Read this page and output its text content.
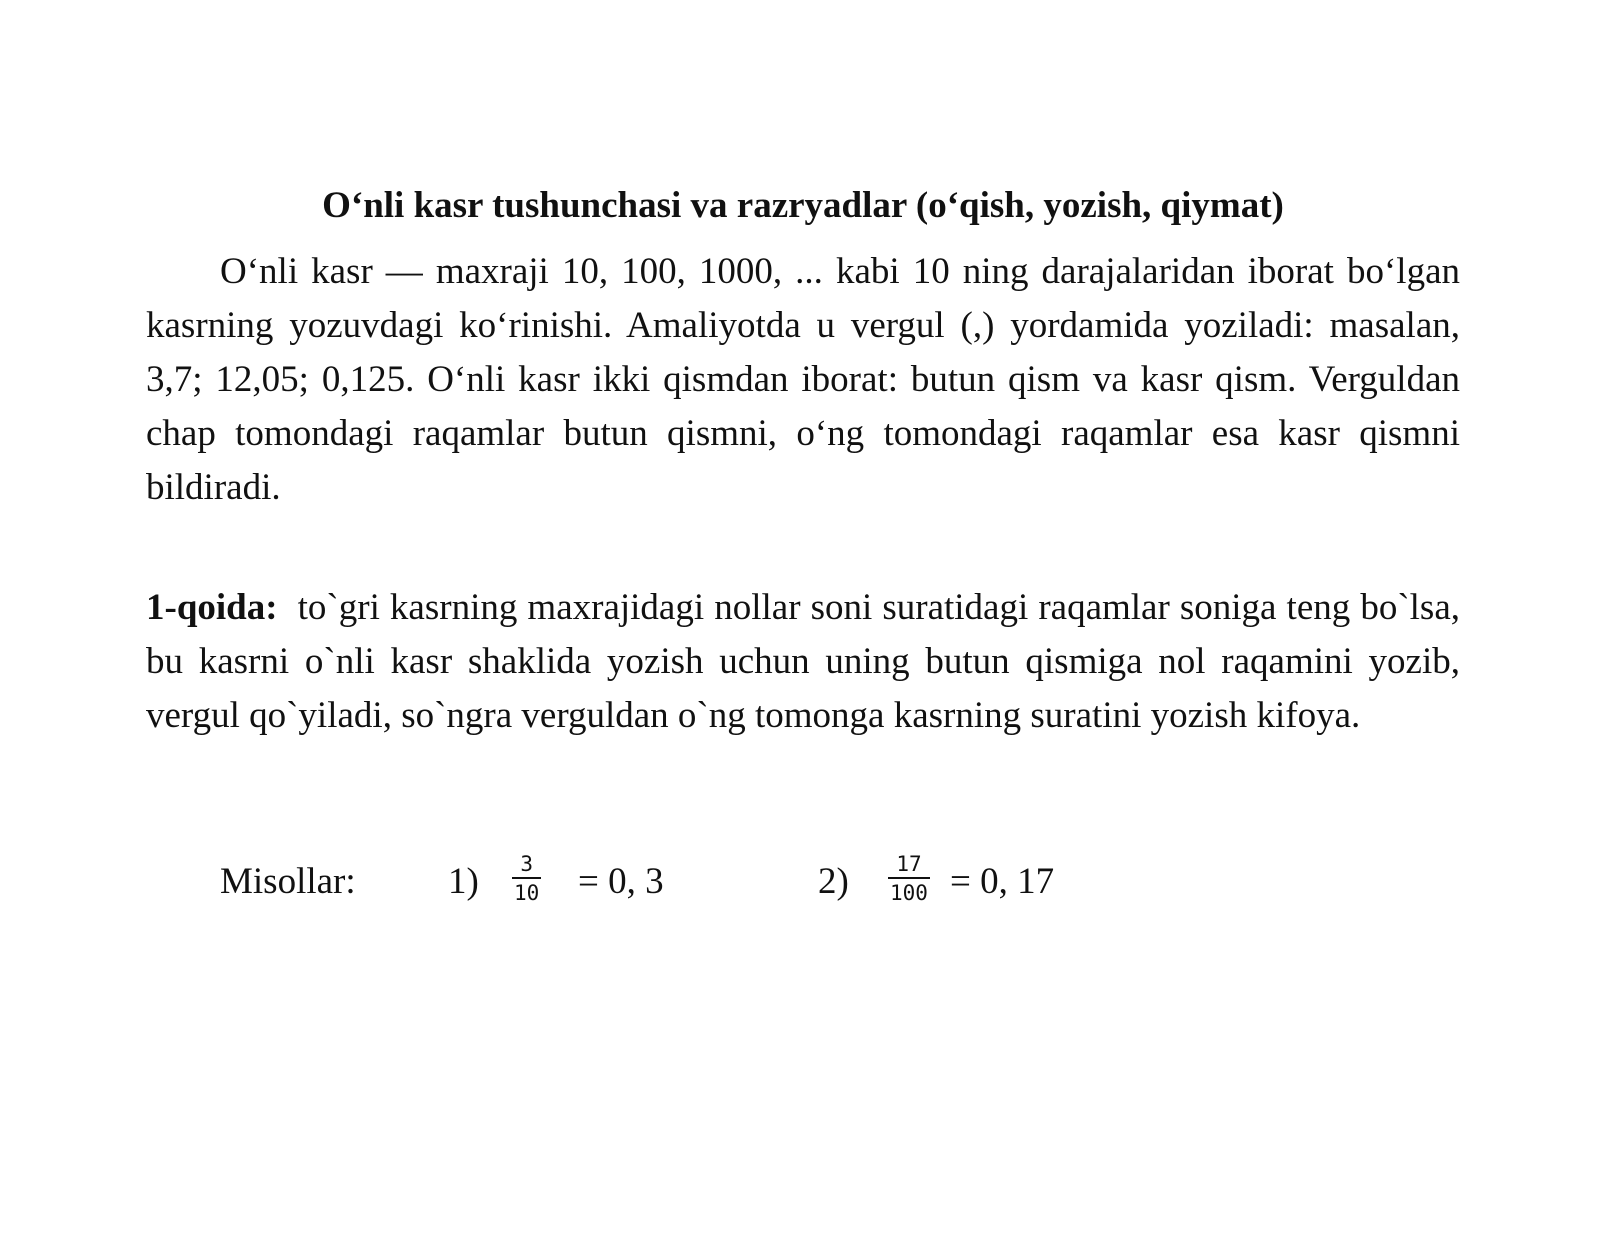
O‘nli kasr tushunchasi va razryadlar (o‘qish, yozish, qiymat)

O‘nli kasr — maxraji 10, 100, 1000, ... kabi 10 ning darajalaridan iborat bo‘lgan kasrning yozuvdagi ko‘rinishi. Amaliyotda u vergul (,) yordamida yoziladi: masalan, 3,7; 12,05; 0,125. O‘nli kasr ikki qismdan iborat: butun qism va kasr qism. Verguldan chap tomondagi raqamlar butun qismni, o‘ng tomondagi raqamlar esa kasr qismni bildiradi.

1-qoida: to`gri kasrning maxrajidagi nollar soni suratidagi raqamlar soniga teng bo`lsa, bu kasrni o`nli kasr shaklida yozish uchun uning butun qismiga nol raqamini yozib, vergul qo`yiladi, so`ngra verguldan o`ng tomonga kasrning suratini yozish kifoya.

Misollar: 1) 3
10 = 0, 3	2) 17
100 = 0, 17
